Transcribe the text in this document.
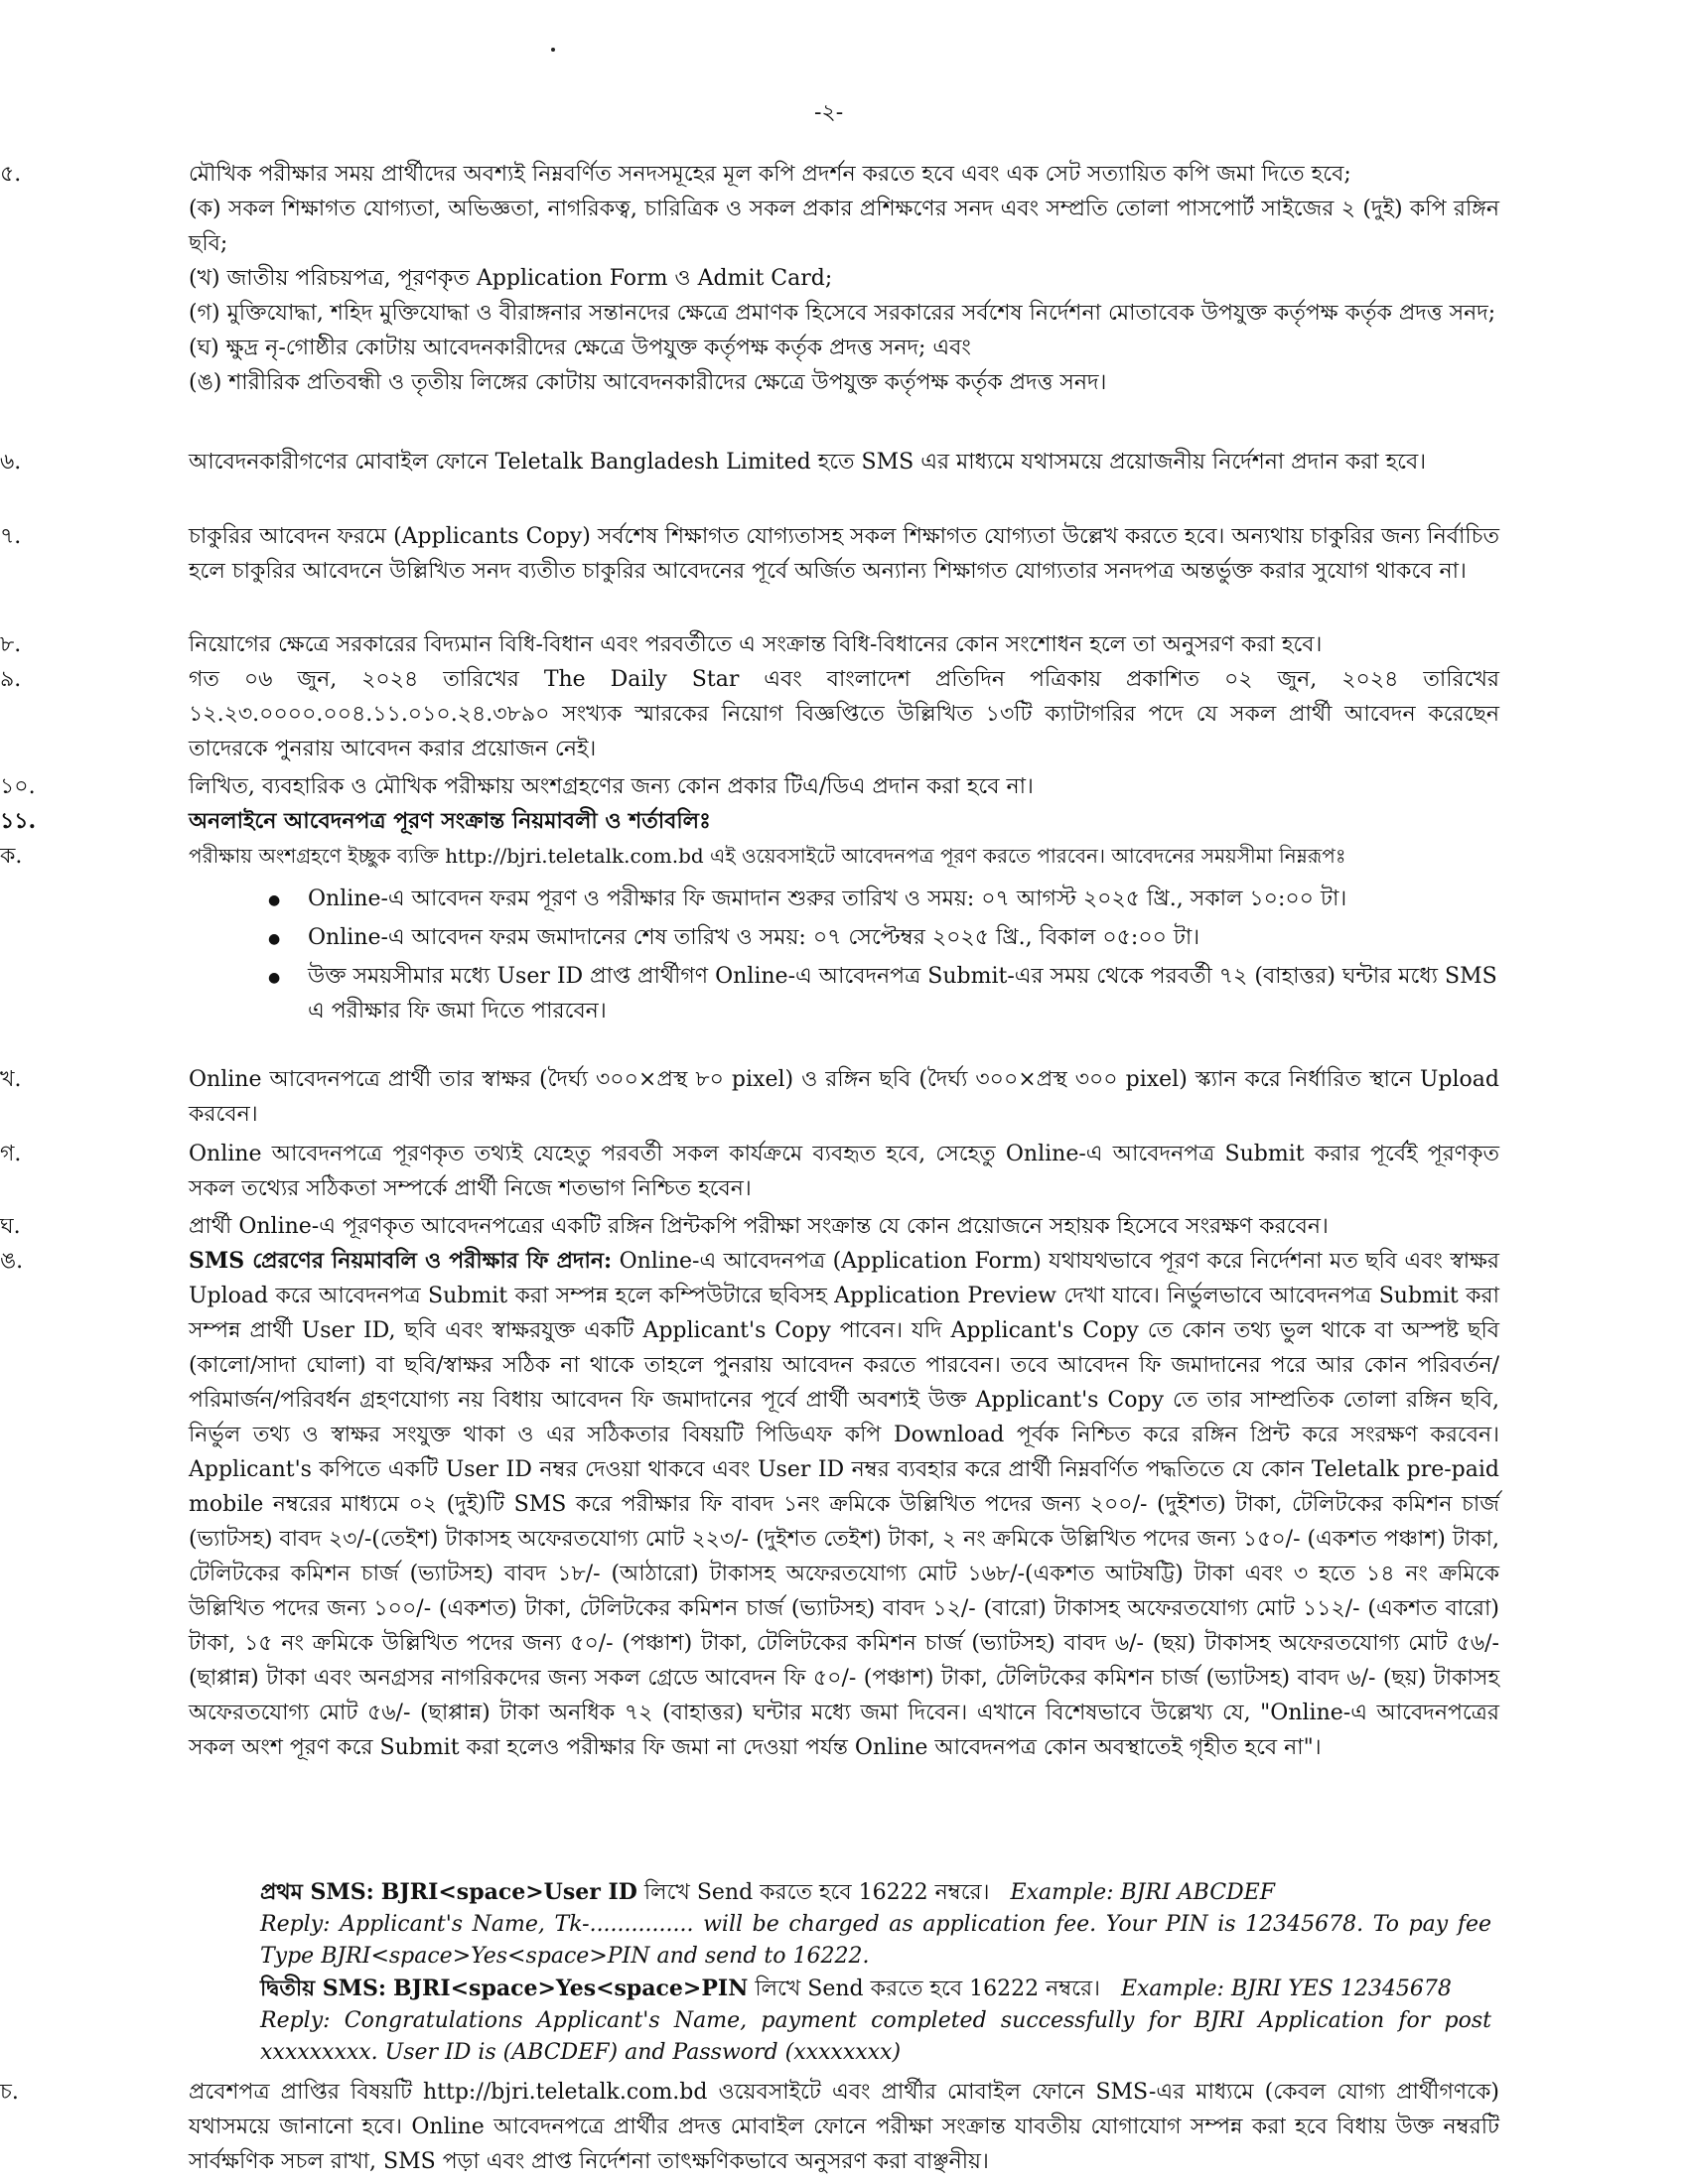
-২-
৫.	মৌখিক পরীক্ষার সময় প্রার্থীদের অবশ্যই নিম্নবর্ণিত সনদসমূহের মূল কপি প্রদর্শন করতে হবে এবং এক সেট সত্যায়িত কপি জমা দিতে হবে;
(ক) সকল শিক্ষাগত যোগ্যতা, অভিজ্ঞতা, নাগরিকত্ব, চারিত্রিক ও সকল প্রকার প্রশিক্ষণের সনদ এবং সম্প্রতি তোলা পাসপোর্ট সাইজের ২ (দুই) কপি রঙ্গিন ছবি;
(খ) জাতীয় পরিচয়পত্র, পূরণকৃত Application Form ও Admit Card;
(গ) মুক্তিযোদ্ধা, শহিদ মুক্তিযোদ্ধা ও বীরাঙ্গনার সন্তানদের ক্ষেত্রে প্রমাণক হিসেবে সরকারের সর্বশেষ নির্দেশনা মোতাবেক উপযুক্ত কর্তৃপক্ষ কর্তৃক প্রদত্ত সনদ;
(ঘ) ক্ষুদ্র নৃ-গোষ্ঠীর কোটায় আবেদনকারীদের ক্ষেত্রে উপযুক্ত কর্তৃপক্ষ কর্তৃক প্রদত্ত সনদ; এবং
(ঙ) শারীরিক প্রতিবন্ধী ও তৃতীয় লিঙ্গের কোটায় আবেদনকারীদের ক্ষেত্রে উপযুক্ত কর্তৃপক্ষ কর্তৃক প্রদত্ত সনদ।
৬.	আবেদনকারীগণের মোবাইল ফোনে Teletalk Bangladesh Limited হতে SMS এর মাধ্যমে যথাসময়ে প্রয়োজনীয় নির্দেশনা প্রদান করা হবে।
৭.	চাকুরির আবেদন ফরমে (Applicants Copy) সর্বশেষ শিক্ষাগত যোগ্যতাসহ সকল শিক্ষাগত যোগ্যতা উল্লেখ করতে হবে। অন্যথায় চাকুরির জন্য নির্বাচিত হলে চাকুরির আবেদনে উল্লিখিত সনদ ব্যতীত চাকুরির আবেদনের পূর্বে অর্জিত অন্যান্য শিক্ষাগত যোগ্যতার সনদপত্র অন্তর্ভুক্ত করার সুযোগ থাকবে না।
৮.	নিয়োগের ক্ষেত্রে সরকারের বিদ্যমান বিধি-বিধান এবং পরবর্তীতে এ সংক্রান্ত বিধি-বিধানের কোন সংশোধন হলে তা অনুসরণ করা হবে।
৯.	গত ০৬ জুন, ২০২৪ তারিখের The Daily Star এবং বাংলাদেশ প্রতিদিন পত্রিকায় প্রকাশিত ০২ জুন, ২০২৪ তারিখের ১২.২৩.০০০০.০০৪.১১.০১০.২৪.৩৮৯০ সংখ্যক স্মারকের নিয়োগ বিজ্ঞপ্তিতে উল্লিখিত ১৩টি ক্যাটাগরির পদে যে সকল প্রার্থী আবেদন করেছেন তাদেরকে পুনরায় আবেদন করার প্রয়োজন নেই।
১০.	লিখিত, ব্যবহারিক ও মৌখিক পরীক্ষায় অংশগ্রহণের জন্য কোন প্রকার টিএ/ডিএ প্রদান করা হবে না।
১১.	অনলাইনে আবেদনপত্র পূরণ সংক্রান্ত নিয়মাবলী ও শর্তাবলিঃ
ক.	পরীক্ষায় অংশগ্রহণে ইচ্ছুক ব্যক্তি http://bjri.teletalk.com.bd এই ওয়েবসাইটে আবেদনপত্র পূরণ করতে পারবেন। আবেদনের সময়সীমা নিম্নরূপঃ
● Online-এ আবেদন ফরম পূরণ ও পরীক্ষার ফি জমাদান শুরুর তারিখ ও সময়: ০৭ আগস্ট ২০২৫ খ্রি., সকাল ১০:০০ টা।
● Online-এ আবেদন ফরম জমাদানের শেষ তারিখ ও সময়: ০৭ সেপ্টেম্বর ২০২৫ খ্রি., বিকাল ০৫:০০ টা।
● উক্ত সময়সীমার মধ্যে User ID প্রাপ্ত প্রার্থীগণ Online-এ আবেদনপত্র Submit-এর সময় থেকে পরবর্তী ৭২ (বাহাত্তর) ঘন্টার মধ্যে SMS এ পরীক্ষার ফি জমা দিতে পারবেন।
খ.	Online আবেদনপত্রে প্রার্থী তার স্বাক্ষর (দৈর্ঘ্য ৩০০×প্রস্থ ৮০ pixel) ও রঙ্গিন ছবি (দৈর্ঘ্য ৩০০×প্রস্থ ৩০০ pixel) স্ক্যান করে নির্ধারিত স্থানে Upload করবেন।
গ.	Online আবেদনপত্রে পূরণকৃত তথ্যই যেহেতু পরবর্তী সকল কার্যক্রমে ব্যবহৃত হবে, সেহেতু Online-এ আবেদনপত্র Submit করার পূর্বেই পূরণকৃত সকল তথ্যের সঠিকতা সম্পর্কে প্রার্থী নিজে শতভাগ নিশ্চিত হবেন।
ঘ.	প্রার্থী Online-এ পূরণকৃত আবেদনপত্রের একটি রঙ্গিন প্রিন্টকপি পরীক্ষা সংক্রান্ত যে কোন প্রয়োজনে সহায়ক হিসেবে সংরক্ষণ করবেন।
ঙ.	SMS প্রেরণের নিয়মাবলি ও পরীক্ষার ফি প্রদান: Online-এ আবেদনপত্র (Application Form) যথাযথভাবে পূরণ করে নির্দেশনা মত ছবি এবং স্বাক্ষর Upload করে আবেদনপত্র Submit করা সম্পন্ন হলে কম্পিউটারে ছবিসহ Application Preview দেখা যাবে। নির্ভুলভাবে আবেদনপত্র Submit করা সম্পন্ন প্রার্থী User ID, ছবি এবং স্বাক্ষরযুক্ত একটি Applicant's Copy পাবেন। যদি Applicant's Copy তে কোন তথ্য ভুল থাকে বা অস্পষ্ট ছবি (কালো/সাদা ঘোলা) বা ছবি/স্বাক্ষর সঠিক না থাকে তাহলে পুনরায় আবেদন করতে পারবেন। তবে আবেদন ফি জমাদানের পরে আর কোন পরিবর্তন/পরিমার্জন/পরিবর্ধন গ্রহণযোগ্য নয় বিধায় আবেদন ফি জমাদানের পূর্বে প্রার্থী অবশ্যই উক্ত Applicant's Copy তে তার সাম্প্রতিক তোলা রঙ্গিন ছবি, নির্ভুল তথ্য ও স্বাক্ষর সংযুক্ত থাকা ও এর সঠিকতার বিষয়টি পিডিএফ কপি Download পূর্বক নিশ্চিত করে রঙ্গিন প্রিন্ট করে সংরক্ষণ করবেন। Applicant's কপিতে একটি User ID নম্বর দেওয়া থাকবে এবং User ID নম্বর ব্যবহার করে প্রার্থী নিম্নবর্ণিত পদ্ধতিতে যে কোন Teletalk pre-paid mobile নম্বরের মাধ্যমে ০২ (দুই)টি SMS করে পরীক্ষার ফি বাবদ ১নং ক্রমিকে উল্লিখিত পদের জন্য ২০০/- (দুইশত) টাকা, টেলিটকের কমিশন চার্জ (ভ্যাটসহ) বাবদ ২৩/-(তেইশ) টাকাসহ অফেরতযোগ্য মোট ২২৩/- (দুইশত তেইশ) টাকা, ২ নং ক্রমিকে উল্লিখিত পদের জন্য ১৫০/- (একশত পঞ্চাশ) টাকা, টেলিটকের কমিশন চার্জ (ভ্যাটসহ) বাবদ ১৮/- (আঠারো) টাকাসহ অফেরতযোগ্য মোট ১৬৮/-(একশত আটষট্টি) টাকা এবং ৩ হতে ১৪ নং ক্রমিকে উল্লিখিত পদের জন্য ১০০/- (একশত) টাকা, টেলিটকের কমিশন চার্জ (ভ্যাটসহ) বাবদ ১২/- (বারো) টাকাসহ অফেরতযোগ্য মোট ১১২/- (একশত বারো) টাকা, ১৫ নং ক্রমিকে উল্লিখিত পদের জন্য ৫০/- (পঞ্চাশ) টাকা, টেলিটকের কমিশন চার্জ (ভ্যাটসহ) বাবদ ৬/- (ছয়) টাকাসহ অফেরতযোগ্য মোট ৫৬/- (ছাপ্পান্ন) টাকা এবং অনগ্রসর নাগরিকদের জন্য সকল গ্রেডে আবেদন ফি ৫০/- (পঞ্চাশ) টাকা, টেলিটকের কমিশন চার্জ (ভ্যাটসহ) বাবদ ৬/- (ছয়) টাকাসহ অফেরতযোগ্য মোট ৫৬/- (ছাপ্পান্ন) টাকা অনধিক ৭২ (বাহাত্তর) ঘন্টার মধ্যে জমা দিবেন। এখানে বিশেষভাবে উল্লেখ্য যে, "Online-এ আবেদনপত্রের সকল অংশ পূরণ করে Submit করা হলেও পরীক্ষার ফি জমা না দেওয়া পর্যন্ত Online আবেদনপত্র কোন অবস্থাতেই গৃহীত হবে না"।
প্রথম SMS: BJRI<space>User ID লিখে Send করতে হবে 16222 নম্বরে। Example: BJRI ABCDEF
Reply: Applicant's Name, Tk-............... will be charged as application fee. Your PIN is 12345678. To pay fee Type BJRI<space>Yes<space>PIN and send to 16222.
দ্বিতীয় SMS: BJRI<space>Yes<space>PIN লিখে Send করতে হবে 16222 নম্বরে। Example: BJRI YES 12345678
Reply: Congratulations Applicant's Name, payment completed successfully for BJRI Application for post xxxxxxxxx. User ID is (ABCDEF) and Password (xxxxxxxx)
চ.	প্রবেশপত্র প্রাপ্তির বিষয়টি http://bjri.teletalk.com.bd ওয়েবসাইটে এবং প্রার্থীর মোবাইল ফোনে SMS-এর মাধ্যমে (কেবল যোগ্য প্রার্থীগণকে) যথাসময়ে জানানো হবে। Online আবেদনপত্রে প্রার্থীর প্রদত্ত মোবাইল ফোনে পরীক্ষা সংক্রান্ত যাবতীয় যোগাযোগ সম্পন্ন করা হবে বিধায় উক্ত নম্বরটি সার্বক্ষণিক সচল রাখা, SMS পড়া এবং প্রাপ্ত নির্দেশনা তাৎক্ষণিকভাবে অনুসরণ করা বাঞ্ছনীয়।
